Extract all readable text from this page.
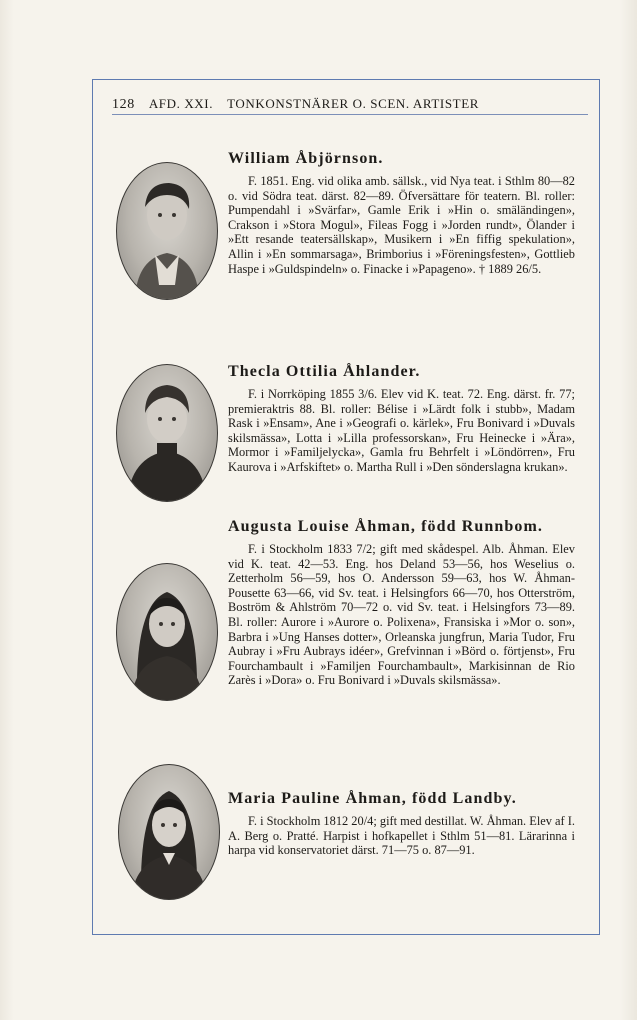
128 AFD. XXI. TONKONSTNÄRER O. SCEN. ARTISTER
William Åbjörnson.

F. 1851. Eng. vid olika amb. sällsk., vid Nya teat. i Sthlm 80—82 o. vid Södra teat. därst. 82—89. Öfversättare för teatern. Bl. roller: Pumpendahl i »Svärfar», Gamle Erik i »Hin o. smäländingen», Crakson i »Stora Mogul», Fileas Fogg i »Jorden rundt», Ölander i »Ett resande teatersällskap», Musikern i »En fiffig spekulation», Allin i »En sommarsaga», Brimborius i »Föreningsfesten», Gottlieb Haspe i »Guldspindeln» o. Finacke i »Papageno». † 1889 26/5.

Thecla Ottilia Åhlander.

F. i Norrköping 1855 3/6. Elev vid K. teat. 72. Eng. därst. fr. 77; premieraktris 88. Bl. roller: Bélise i »Lärdt folk i stubb», Madam Rask i »Ensam», Ane i »Geografi o. kärlek», Fru Bonivard i »Duvals skilsmässa», Lotta i »Lilla professorskan», Fru Heinecke i »Ära», Mormor i »Familjelycka», Gamla fru Behrfelt i »Löndörren», Fru Kaurova i »Arfskiftet» o. Martha Rull i »Den sönderslagna krukan».

Augusta Louise Åhman, född Runnbom.

F. i Stockholm 1833 7/2; gift med skådespel. Alb. Åhman. Elev vid K. teat. 42—53. Eng. hos Deland 53—56, hos Weselius o. Zetterholm 56—59, hos O. Andersson 59—63, hos W. Åhman-Pousette 63—66, vid Sv. teat. i Helsingfors 66—70, hos Otterström, Boström & Ahlström 70—72 o. vid Sv. teat. i Helsingfors 73—89. Bl. roller: Aurore i »Aurore o. Polixena», Fransiska i »Mor o. son», Barbra i »Ung Hanses dotter», Orleanska jungfrun, Maria Tudor, Fru Aubray i »Fru Aubrays idéer», Grefvinnan i »Börd o. förtjenst», Fru Fourchambault i »Familjen Fourchambault», Markisinnan de Rio Zarès i »Dora» o. Fru Bonivard i »Duvals skilsmässa».

Maria Pauline Åhman, född Landby.

F. i Stockholm 1812 20/4; gift med destillat. W. Åhman. Elev af I. A. Berg o. Pratté. Harpist i hofkapellet i Sthlm 51—81. Lärarinna i harpa vid konservatoriet därst. 71—75 o. 87—91.
